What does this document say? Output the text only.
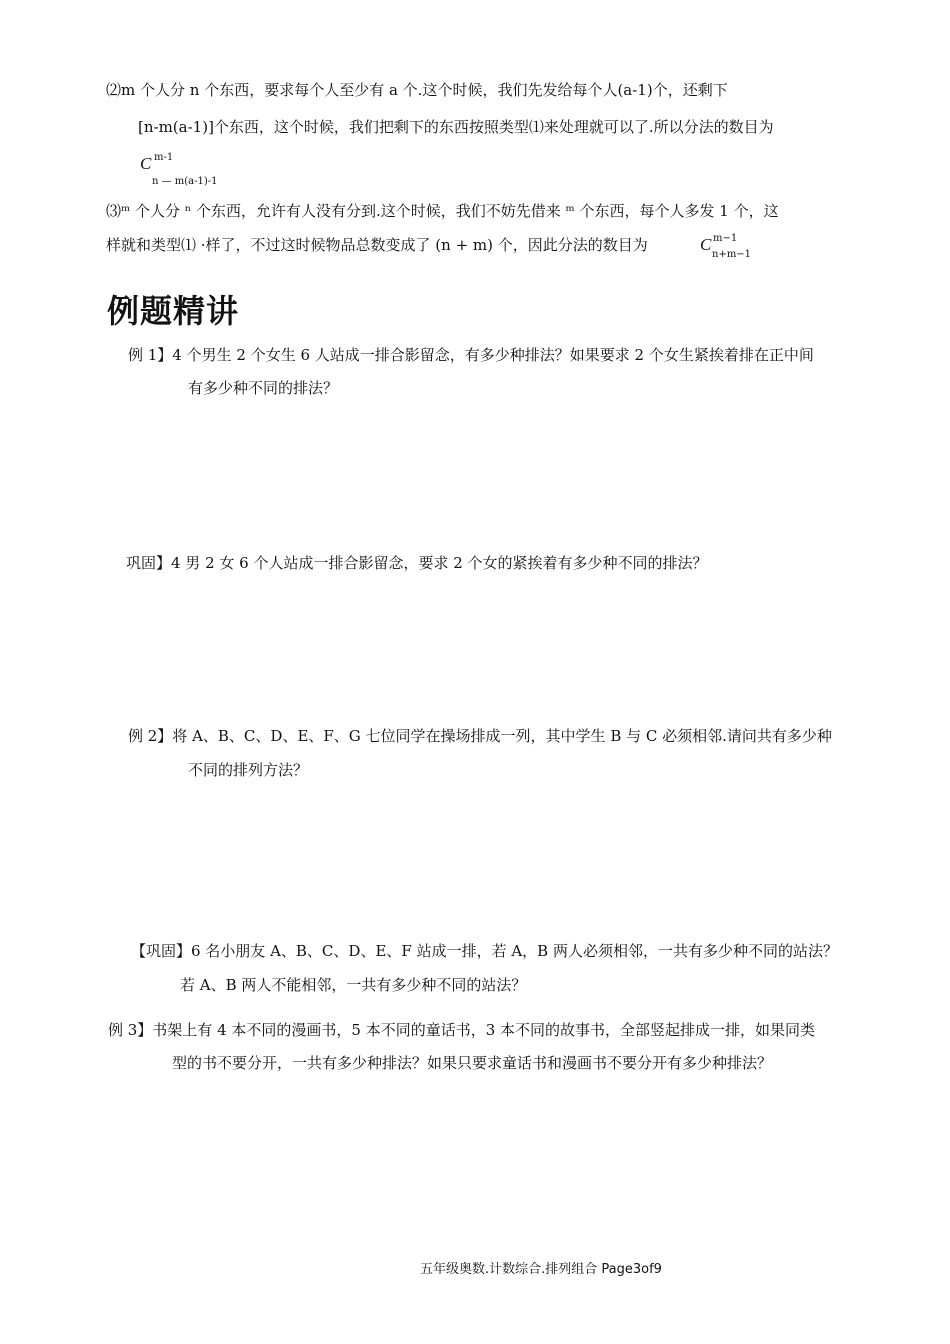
⑵m 个人分 n 个东西，要求每个人至少有 a 个.这个时候，我们先发给每个人(a-1)个，还剩下
[n-m(a-1)]个东西，这个时候，我们把剩下的东西按照类型⑴来处理就可以了.所以分法的数目为
C m-1
n — m(a-1)-1
⑶ᵐ 个人分 ⁿ 个东西，允许有人没有分到.这个时候，我们不妨先借来 ᵐ 个东西，每个人多发 1 个，这
样就和类型⑴ ·样了，不过这时候物品总数变成了 (n + m) 个，因此分法的数目为	C m−1
n+m−1
例题精讲
例 1】4 个男生 2 个女生 6 人站成一排合影留念，有多少种排法？如果要求 2 个女生紧挨着排在正中间
有多少种不同的排法？
巩固】4 男 2 女 6 个人站成一排合影留念，要求 2 个女的紧挨着有多少种不同的排法？
例 2】将 A、B、C、D、E、F、G 七位同学在操场排成一列，其中学生 B 与 C 必须相邻.请问共有多少种
不同的排列方法？
【巩固】6 名小朋友 A、B、C、D、E、F 站成一排，若 A，B 两人必须相邻，一共有多少种不同的站法？
若 A、B 两人不能相邻，一共有多少种不同的站法？
例 3】书架上有 4 本不同的漫画书，5 本不同的童话书，3 本不同的故事书，全部竖起排成一排，如果同类
型的书不要分开，一共有多少种排法？如果只要求童话书和漫画书不要分开有多少种排法？
五年级奥数.计数综合.排列组合 Page3of9
